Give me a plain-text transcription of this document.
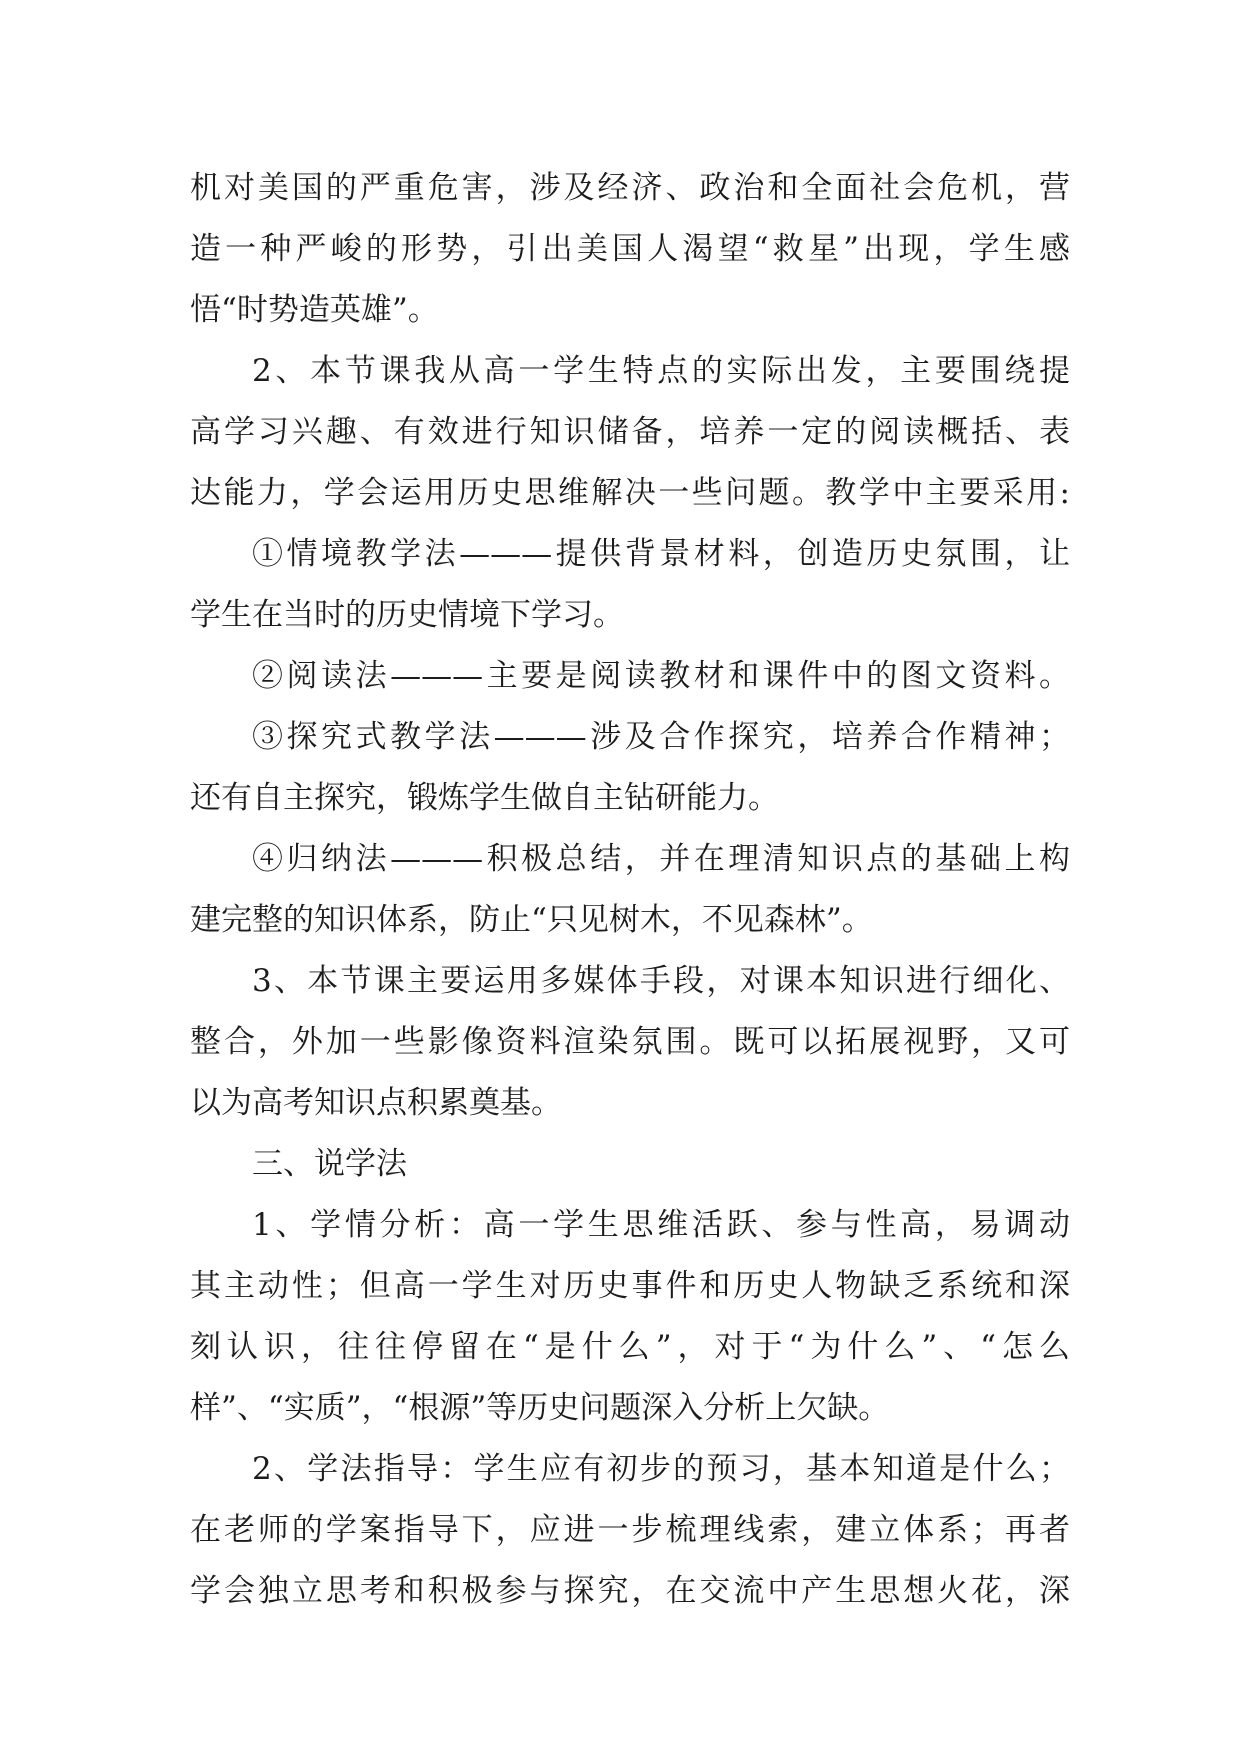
机对美国的严重危害，涉及经济、政治和全面社会危机，营
造一种严峻的形势，引出美国人渴望“救星”出现，学生感
悟“时势造英雄”。
2、本节课我从高一学生特点的实际出发，主要围绕提
高学习兴趣、有效进行知识储备，培养一定的阅读概括、表
达能力，学会运用历史思维解决一些问题。教学中主要采用:
①情境教学法———提供背景材料，创造历史氛围，让
学生在当时的历史情境下学习。
②阅读法———主要是阅读教材和课件中的图文资料。
③探究式教学法———涉及合作探究，培养合作精神；
还有自主探究，锻炼学生做自主钻研能力。
④归纳法———积极总结，并在理清知识点的基础上构
建完整的知识体系，防止“只见树木，不见森林”。
3、本节课主要运用多媒体手段，对课本知识进行细化、
整合，外加一些影像资料渲染氛围。既可以拓展视野，又可
以为高考知识点积累奠基。
三、说学法
1、学情分析：高一学生思维活跃、参与性高，易调动
其主动性；但高一学生对历史事件和历史人物缺乏系统和深
刻认识，往往停留在“是什么”，对于“为什么”、“怎么
样”、“实质”，“根源”等历史问题深入分析上欠缺。
2、学法指导：学生应有初步的预习，基本知道是什么；
在老师的学案指导下，应进一步梳理线索，建立体系；再者
学会独立思考和积极参与探究，在交流中产生思想火花，深
